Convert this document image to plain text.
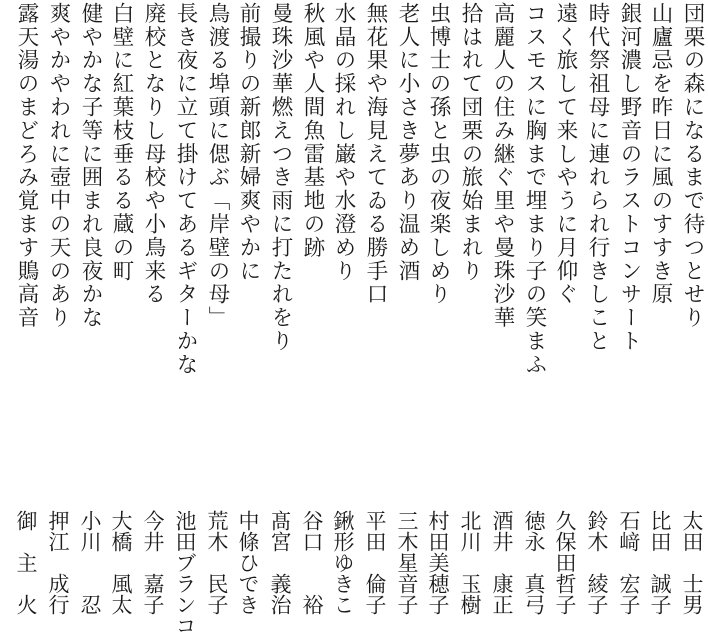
団栗の森になるまで待つとせり
太田　士男
山廬忌を昨日に風のすすき原
比田　誠子
銀河濃し野音のラストコンサート
石﨑　宏子
時代祭祖母に連れられ行きしこと
鈴木　綾子
遠く旅して来しやうに月仰ぐ
久保田哲子
コスモスに胸まで埋まり子の笑まふ
徳永　真弓
高麗人の住み継ぐ里や曼珠沙華
酒井　康正
拾はれて団栗の旅始まれり
北川　玉樹
虫博士の孫と虫の夜楽しめり
村田美穂子
老人に小さき夢あり温め酒
三木星音子
無花果や海見えてゐる勝手口
平田　倫子
水晶の採れし巌や水澄めり
鍬形ゆきこ
秋風や人間魚雷基地の跡
谷口　　裕
曼珠沙華燃えつき雨に打たれをり
髙宮　義治
前撮りの新郎新婦爽やかに
中條ひでき
鳥渡る埠頭に偲ぶ「岸壁の母」
荒木　民子
長き夜に立て掛けてあるギターかな
池田ブランコ
廃校となりし母校や小鳥来る
今井　嘉子
白壁に紅葉枝垂るる蔵の町
大橋　風太
健やかな子等に囲まれ良夜かな
小川　　忍
爽やかやわれに壺中の天のあり
押江　成行
露天湯のまどろみ覚ます鵙高音
御　主　火
